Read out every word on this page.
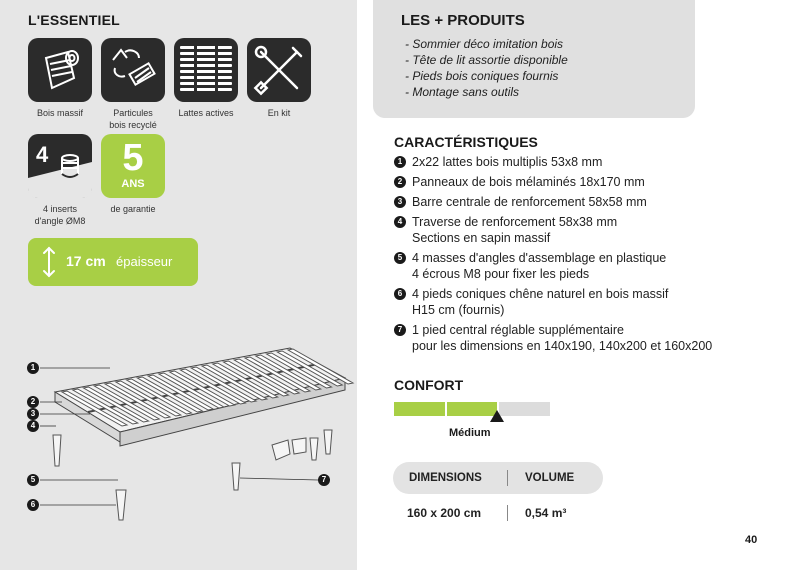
L'ESSENTIEL
Bois massif	Particules
bois recyclé
Lattes actives	En kit
4
4 inserts
d'angle ØM8
5
ANS
de garantie
17 cm épaisseur
1
2
3
4
5
6
7
LES + PRODUITS
- Sommier déco imitation bois
- Tête de lit assortie disponible
- Pieds bois coniques fournis
- Montage sans outils
CARACTÉRISTIQUES
1 2x22 lattes bois multiplis 53x8 mm
2 Panneaux de bois mélaminés 18x170 mm
3 Barre centrale de renforcement 58x58 mm
4 Traverse de renforcement 58x38 mm
Sections en sapin massif
5 4 masses d'angles d'assemblage en plastique
4 écrous M8 pour fixer les pieds
6 4 pieds coniques chêne naturel en bois massif
H15 cm (fournis)
7 1 pied central réglable supplémentaire
pour les dimensions en 140x190, 140x200 et 160x200
CONFORT
Médium
DIMENSIONS	VOLUME
160 x 200 cm	0,54 m³
40
